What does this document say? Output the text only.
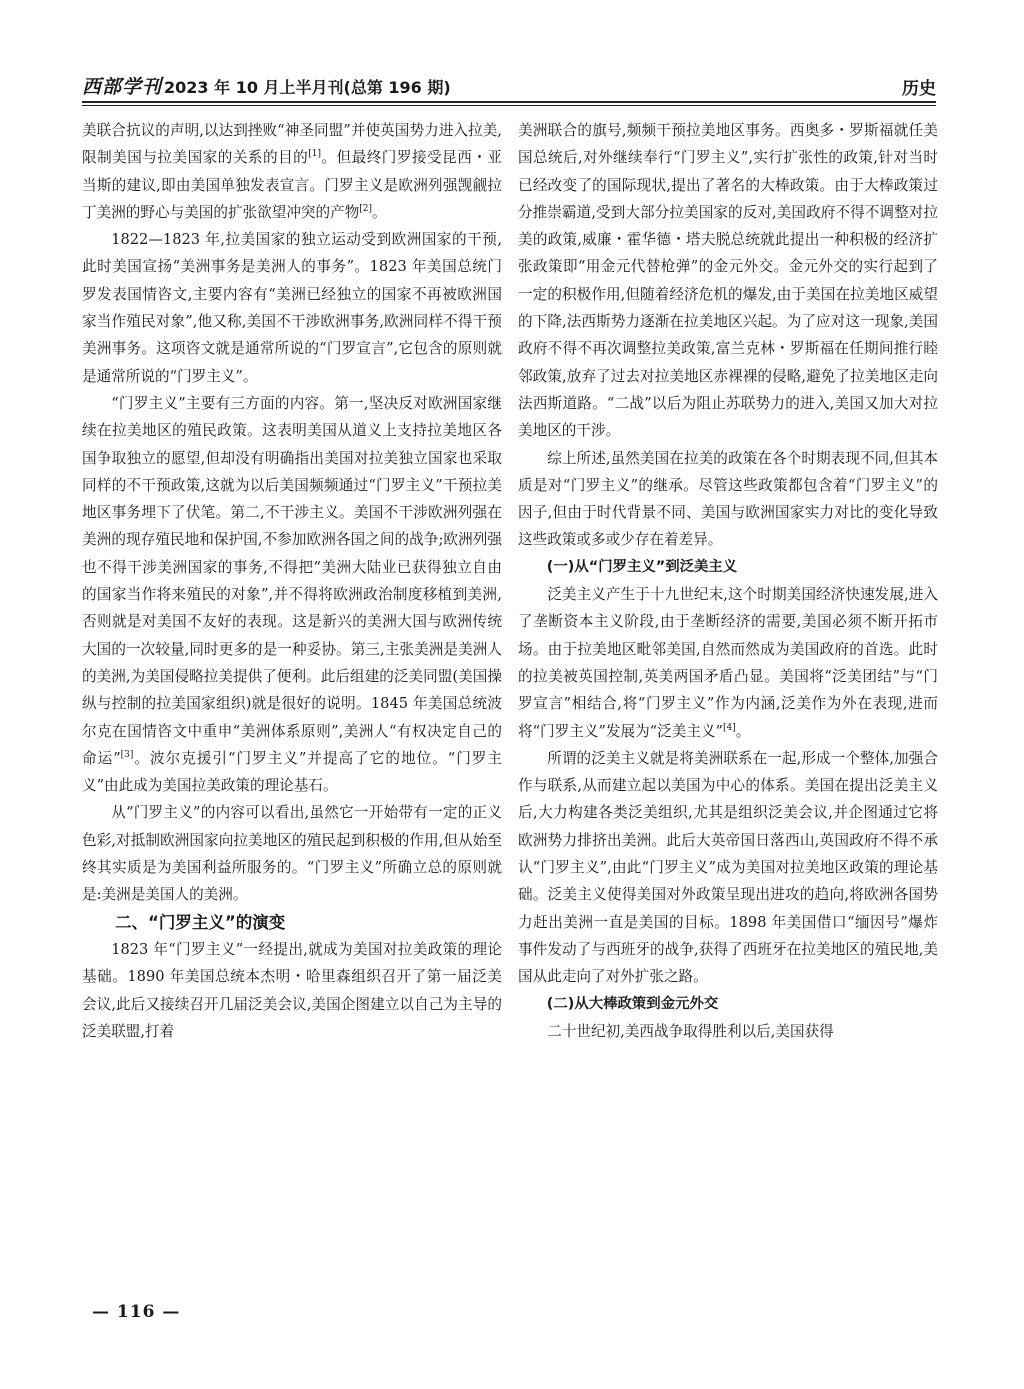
西部学刊 2023 年 10 月上半月刊(总第 196 期)	历史

美联合抗议的声明,以达到挫败“神圣同盟”并使英国势力进入拉美,限制美国与拉美国家的关系的目的[1]。但最终门罗接受昆西・亚当斯的建议,即由美国单独发表宣言。门罗主义是欧洲列强觊觎拉丁美洲的野心与美国的扩张欲望冲突的产物[2]。

1822—1823 年,拉美国家的独立运动受到欧洲国家的干预,此时美国宣扬“美洲事务是美洲人的事务”。1823 年美国总统门罗发表国情咨文,主要内容有“美洲已经独立的国家不再被欧洲国家当作殖民对象”,他又称,美国不干涉欧洲事务,欧洲同样不得干预美洲事务。这项咨文就是通常所说的“门罗宣言”,它包含的原则就是通常所说的“门罗主义”。

“门罗主义”主要有三方面的内容。第一,坚决反对欧洲国家继续在拉美地区的殖民政策。这表明美国从道义上支持拉美地区各国争取独立的愿望,但却没有明确指出美国对拉美独立国家也采取同样的不干预政策,这就为以后美国频频通过“门罗主义”干预拉美地区事务埋下了伏笔。第二,不干涉主义。美国不干涉欧洲列强在美洲的现存殖民地和保护国,不参加欧洲各国之间的战争;欧洲列强也不得干涉美洲国家的事务,不得把“美洲大陆业已获得独立自由的国家当作将来殖民的对象”,并不得将欧洲政治制度移植到美洲,否则就是对美国不友好的表现。这是新兴的美洲大国与欧洲传统大国的一次较量,同时更多的是一种妥协。第三,主张美洲是美洲人的美洲,为美国侵略拉美提供了便利。此后组建的泛美同盟(美国操纵与控制的拉美国家组织)就是很好的说明。1845 年美国总统波尔克在国情咨文中重申“美洲体系原则”,美洲人“有权决定自己的命运”[3]。波尔克援引“门罗主义”并提高了它的地位。“门罗主义”由此成为美国拉美政策的理论基石。

从“门罗主义”的内容可以看出,虽然它一开始带有一定的正义色彩,对抵制欧洲国家向拉美地区的殖民起到积极的作用,但从始至终其实质是为美国利益所服务的。“门罗主义”所确立总的原则就是:美洲是美国人的美洲。

二、“门罗主义”的演变

1823 年“门罗主义”一经提出,就成为美国对拉美政策的理论基础。1890 年美国总统本杰明・哈里森组织召开了第一届泛美会议,此后又接续召开几届泛美会议,美国企图建立以自己为主导的泛美联盟,打着

美洲联合的旗号,频频干预拉美地区事务。西奥多・罗斯福就任美国总统后,对外继续奉行“门罗主义”,实行扩张性的政策,针对当时已经改变了的国际现状,提出了著名的大棒政策。由于大棒政策过分推崇霸道,受到大部分拉美国家的反对,美国政府不得不调整对拉美的政策,威廉・霍华德・塔夫脱总统就此提出一种积极的经济扩张政策即“用金元代替枪弹”的金元外交。金元外交的实行起到了一定的积极作用,但随着经济危机的爆发,由于美国在拉美地区威望的下降,法西斯势力逐渐在拉美地区兴起。为了应对这一现象,美国政府不得不再次调整拉美政策,富兰克林・罗斯福在任期间推行睦邻政策,放弃了过去对拉美地区赤裸裸的侵略,避免了拉美地区走向法西斯道路。“二战”以后为阻止苏联势力的进入,美国又加大对拉美地区的干涉。

综上所述,虽然美国在拉美的政策在各个时期表现不同,但其本质是对“门罗主义”的继承。尽管这些政策都包含着“门罗主义”的因子,但由于时代背景不同、美国与欧洲国家实力对比的变化导致这些政策或多或少存在着差异。

(一)从“门罗主义”到泛美主义

泛美主义产生于十九世纪末,这个时期美国经济快速发展,进入了垄断资本主义阶段,由于垄断经济的需要,美国必须不断开拓市场。由于拉美地区毗邻美国,自然而然成为美国政府的首选。此时的拉美被英国控制,英美两国矛盾凸显。美国将“泛美团结”与“门罗宣言”相结合,将“门罗主义”作为内涵,泛美作为外在表现,进而将“门罗主义”发展为“泛美主义”[4]。

所谓的泛美主义就是将美洲联系在一起,形成一个整体,加强合作与联系,从而建立起以美国为中心的体系。美国在提出泛美主义后,大力构建各类泛美组织,尤其是组织泛美会议,并企图通过它将欧洲势力排挤出美洲。此后大英帝国日落西山,英国政府不得不承认“门罗主义”,由此“门罗主义”成为美国对拉美地区政策的理论基础。泛美主义使得美国对外政策呈现出进攻的趋向,将欧洲各国势力赶出美洲一直是美国的目标。1898 年美国借口“缅因号”爆炸事件发动了与西班牙的战争,获得了西班牙在拉美地区的殖民地,美国从此走向了对外扩张之路。

(二)从大棒政策到金元外交

二十世纪初,美西战争取得胜利以后,美国获得

— 116 —
